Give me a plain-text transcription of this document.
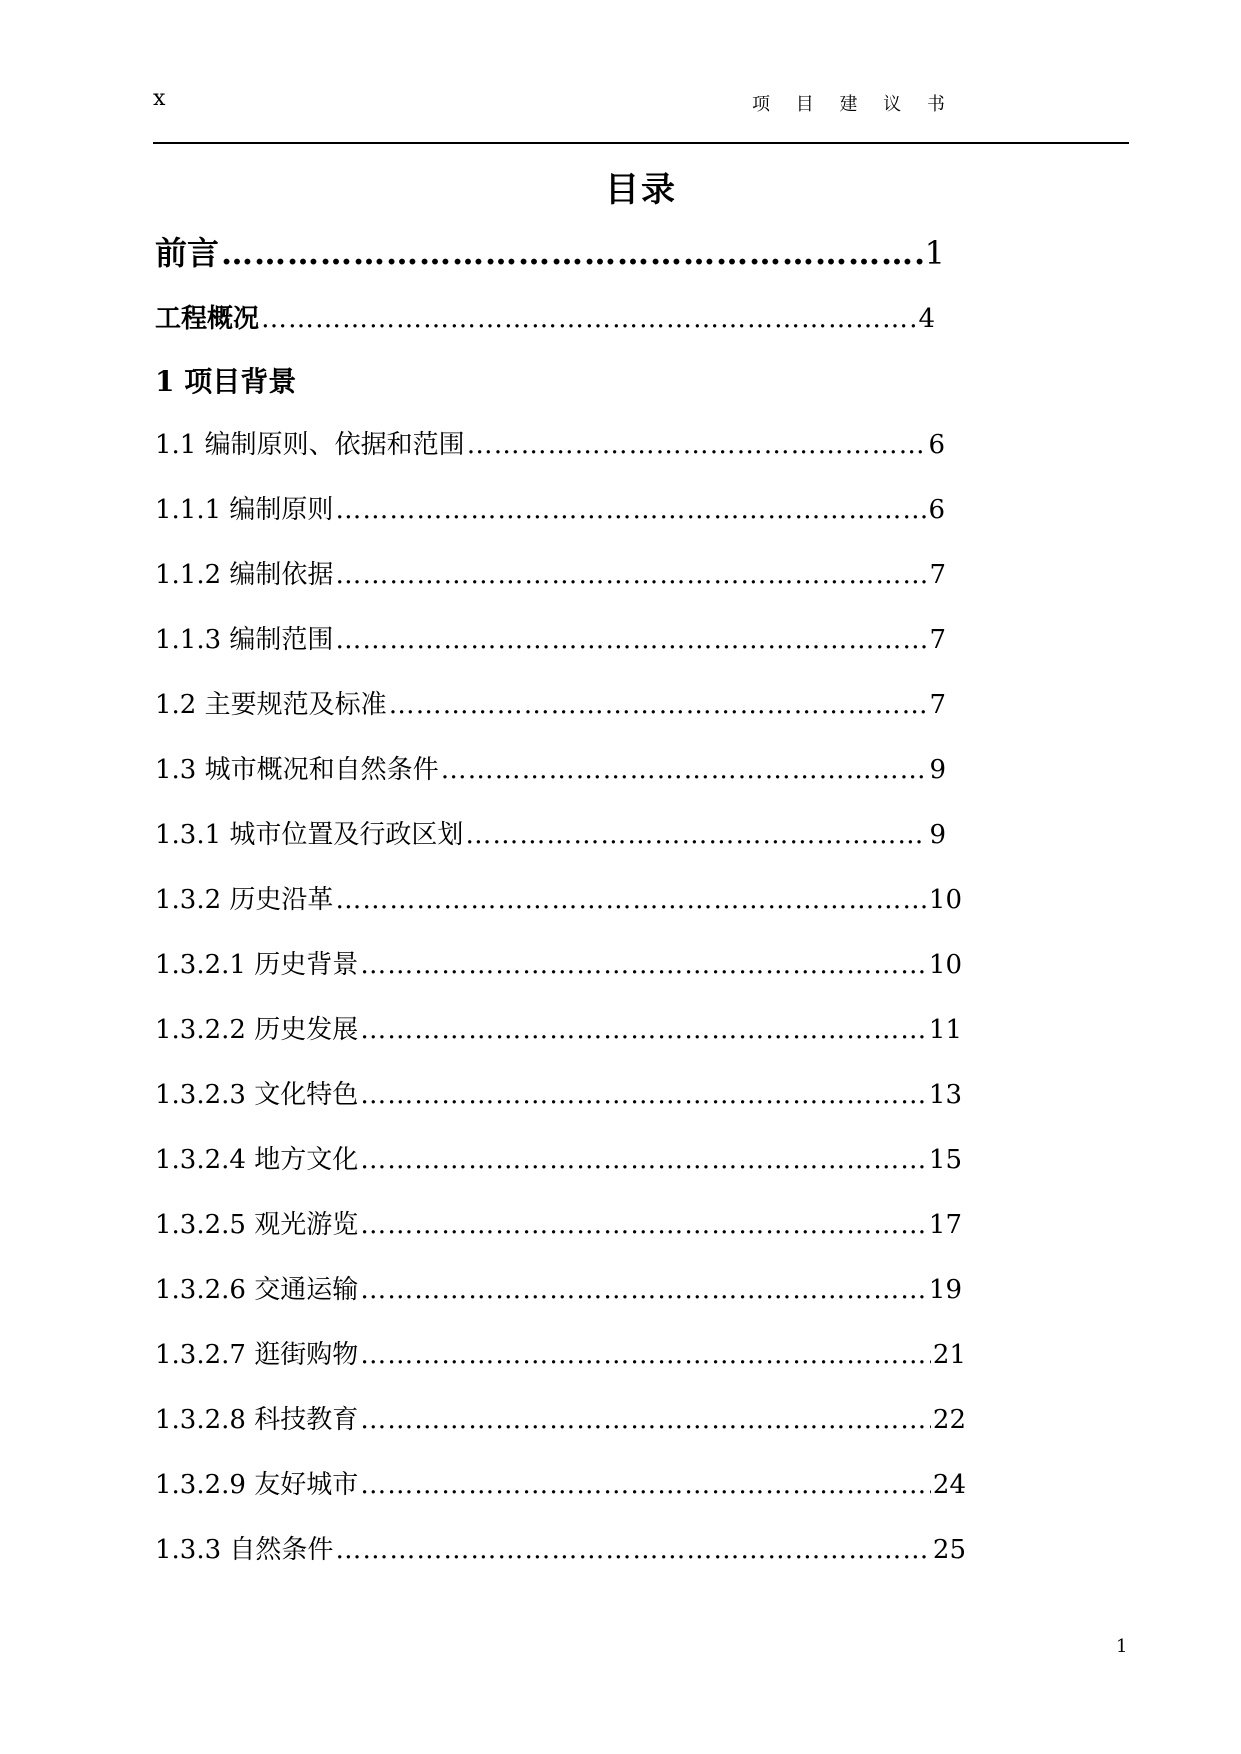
x	项 目 建 议 书
目录
前言 ………………………………………………………………………………………………………………………………	1
工程概况 ………………………………………………………………………………………………………………………………	4
1 项目背景
1.1 编制原则、依据和范围 ………………………………………………………………………………………………………………………………	6
1.1.1 编制原则 ………………………………………………………………………………………………………………………………	6
1.1.2 编制依据 ………………………………………………………………………………………………………………………………	7
1.1.3 编制范围 ………………………………………………………………………………………………………………………………	7
1.2 主要规范及标准 ………………………………………………………………………………………………………………………………	7
1.3 城市概况和自然条件 ………………………………………………………………………………………………………………………………	9
1.3.1 城市位置及行政区划 ………………………………………………………………………………………………………………………………	9
1.3.2 历史沿革 ………………………………………………………………………………………………………………………………	10
1.3.2.1 历史背景 ………………………………………………………………………………………………………………………………	10
1.3.2.2 历史发展 ………………………………………………………………………………………………………………………………	11
1.3.2.3 文化特色 ………………………………………………………………………………………………………………………………	13
1.3.2.4 地方文化 ………………………………………………………………………………………………………………………………	15
1.3.2.5 观光游览 ………………………………………………………………………………………………………………………………	17
1.3.2.6 交通运输 ………………………………………………………………………………………………………………………………	19
1.3.2.7 逛街购物 ………………………………………………………………………………………………………………………………	21
1.3.2.8 科技教育 ………………………………………………………………………………………………………………………………	22
1.3.2.9 友好城市 ………………………………………………………………………………………………………………………………	24
1.3.3 自然条件 ………………………………………………………………………………………………………………………………	25
1
